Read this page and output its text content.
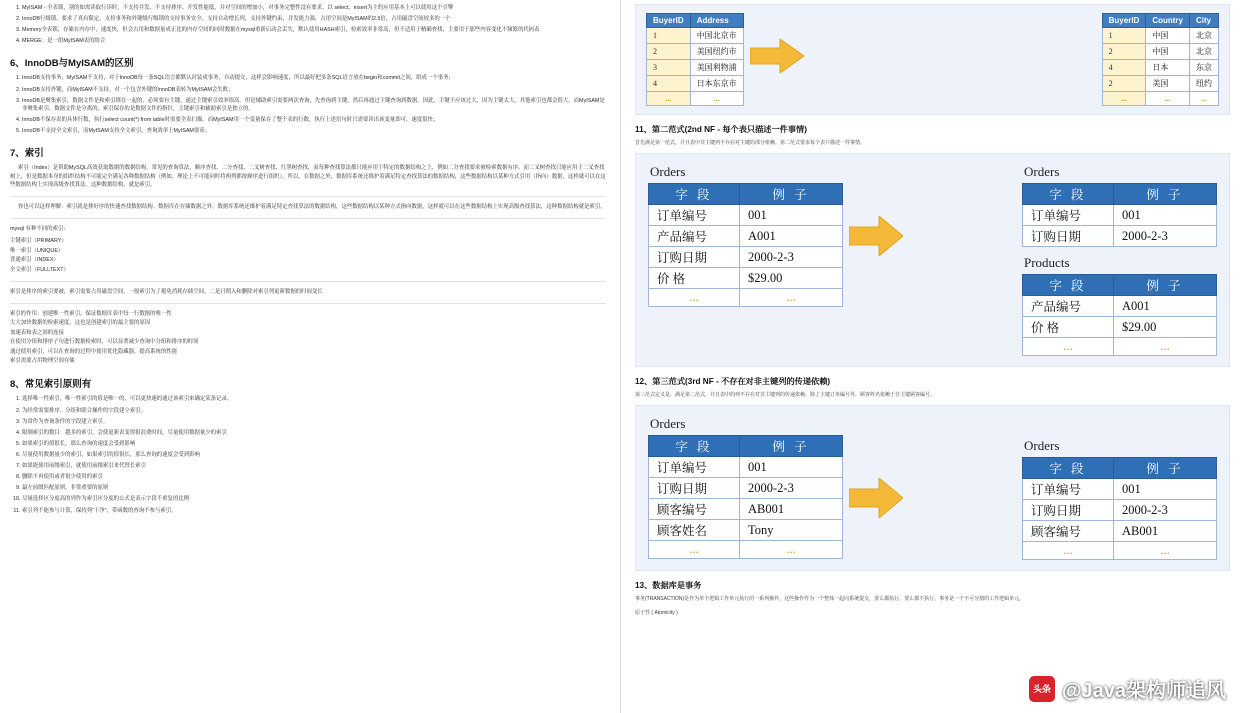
1. MyISAM - 全表锁，别的如需读取行读时，不支持并发、不支持排序、开发性能低，并对空间的增加小，对事务完整性没有要求，以 select、insert为主的应用基本上可以使用这个引擎
2. InnoDB行级锁，要求了真有限定，支持事务和外键级行级锁的支持事务安全、支持自动增长列，支持外键约束，并发能力强，占用空间是MyISAM的2.5倍，占用磁盘空间较多的一个
3. Memory全表锁，存储在内存中，速度快，但会占用和数据量成正比的内存空间的同时数据在mysql重新启动会丢失，默认使用HASH索引，检索效率非常高，但不适用于精确查找，主要用于那些内容变化不频繁的代码表
4. MERGE：是一组MyISAM表的组合
6、InnoDB与MyISAM的区别
1. InnoDB支持事务，MyISAM不支持，对于InnoDB每一条SQL语言都默认封装成事务，自动提交，这样会影响速度，所以最好把多条SQL语言放在begin和commit之间，组成一个事务；
2. InnoDB支持外键，而MyISAM不支持。对一个包含外键的InnoDB表转为MyISAM会失败；
3. InnoDB是聚集索引，数据文件是和索引绑在一起的，必须要有主键，通过主键索引效率很高。但是辅助索引需要两次查询，先查询到主键，然后再通过主键查询到数据。因此，主键不应该过大，因为主键太大，其他索引也都会很大。而MyISAM是非聚集索引，数据文件是分离的，索引保存的是数据文件的指针，主键索引和辅助索引是独立的。
4. InnoDB不保存表的具体行数，执行select count(*) from table时需要全表扫描。而MyISAM用一个变量保存了整个表的行数，执行上述语句时只需要读出该变量即可，速度很快；
5. InnoDB不支持全文索引，而MyISAM支持全文索引，查询效率上MyISAM要高；
7、索引
索引（Index）是帮助MySQL高效获取数据的数据结构。常见的查询算法，顺序查找、二分查找、二叉树查找、红黑树查找，而每种查找算法都只能应用于特定的数据结构之上，例如二分查找要求被检索数据有序，而二叉树查找只能应用于二叉查找树上，但是数据本身的组织结构不可能完全满足各种数据结构（例如，理论上不可能同时将两列都按顺序进行组织），所以，在数据之外，数据库系统还维护着满足特定查找算法的数据结构，这些数据结构以某种方式引用（指向）数据，这样就可以在这些数据结构上实现高级查找算法。这种数据结构，就是索引。
你也可以这样理解：索引就是排好序的快速查找数据结构。数据库在存储数据之外，数据库系统还维护着满足特定查找算法的数据结构，这些数据结构以某种方式指向数据，这样就可以在这些数据结构上实现高级查找算法，这种数据结构就是索引。
mysql 有种不同的索引：
主键索引（PRIMARY）
唯一索引（UNIQUE）
普通索引（INDEX）
全文索引（FULLTEXT）
索引是排序的索引要被，索引需要占用磁盘空间，一般索引为了避免消耗存储空间，二是日期入和删除对索引列更新数据的时间变长
索引的作用：创建唯一性索引，保证数据库表中每一行数据的唯一性
大大加快数据的检索速度，这也是创建索引的最主要的原因
加速表和表之间的连接
在使用分组和排序子句进行数据检索时，可以显著减少查询中分组和排序的时间
通过使用索引，可以在查询的过程中使用优化隐藏器，提高系统的性能
索引需要占用物理空间存储
8、常见索引原则有
1. 选择唯一性索引，唯一性索引的值是唯一的，可以更快速的通过该索引来确定某条记录。
2. 为经常需要排序、分组和联合操作的字段建立索引。
3. 为常作为查询条件的字段建立索引。
4. 限制索引的数目：越多的索引，会使更新表变得很浪费时间，尽量使用数据量少的索引
5. 如果索引的值很长，那么查询的速度会受到影响
6. 尽量使用数据量少的索引，如果索引的值很长，那么查询的速度会受到影响
7. 如果能使用前缀索引，就使用前缀索引来代替长索引
8. 删除不再使用或者很少使用的索引
9. 最左前缀匹配原则，非常重要的原则
10. 尽量选择区分度高的列作为索引区分度的公式是表示字段不重复的比例
11. 索引列不能参与计算，保持列“干净”，带函数的查询不参与索引。
BuyerID	Address
1	中国北京市
2	美国纽约市
3	美国利物浦
4	日本东京市
...	...
BuyerID	Country	City
1	中国	北京
2	中国	北京
4	日本	东京
2	美国	纽约
...	...	...
11、第二范式(2nd NF - 每个表只描述一件事情)
首先满足第一范式，并且表中非主键列不存在对主键的部分依赖。第二范式要求每个表只描述一件事情。
Orders
字 段	例 子
订单编号	001
产品编号	A001
订购日期	2000-2-3
价 格	$29.00
...	...
Orders
字 段	例 子
订单编号	001
订购日期	2000-2-3
Products
字 段	例 子
产品编号	A001
价 格	$29.00
...	...
12、第三范式(3rd NF - 不存在对非主键列的传递依赖)
第三范式定义是，满足第二范式，并且表中的列不存在对非主键列的传递依赖。除了主键订单编号外，顾客姓名依赖于非主键顾客编号。
Orders
字 段	例 子
订单编号	001
订购日期	2000-2-3
顾客编号	AB001
顾客姓名	Tony
...	...
Orders
字 段	例 子
订单编号	001
订购日期	2000-2-3
顾客编号	AB001
...	...
13、数据库是事务
事务(TRANSACTION)是作为单个逻辑工作单元执行的一系列操作，这些操作作为一个整体一起向系统提交，要么都执行、要么都不执行。事务是一个不可分割的工作逻辑单元。
原子性 ( Atomicity )
头条 @Java架构师追风
